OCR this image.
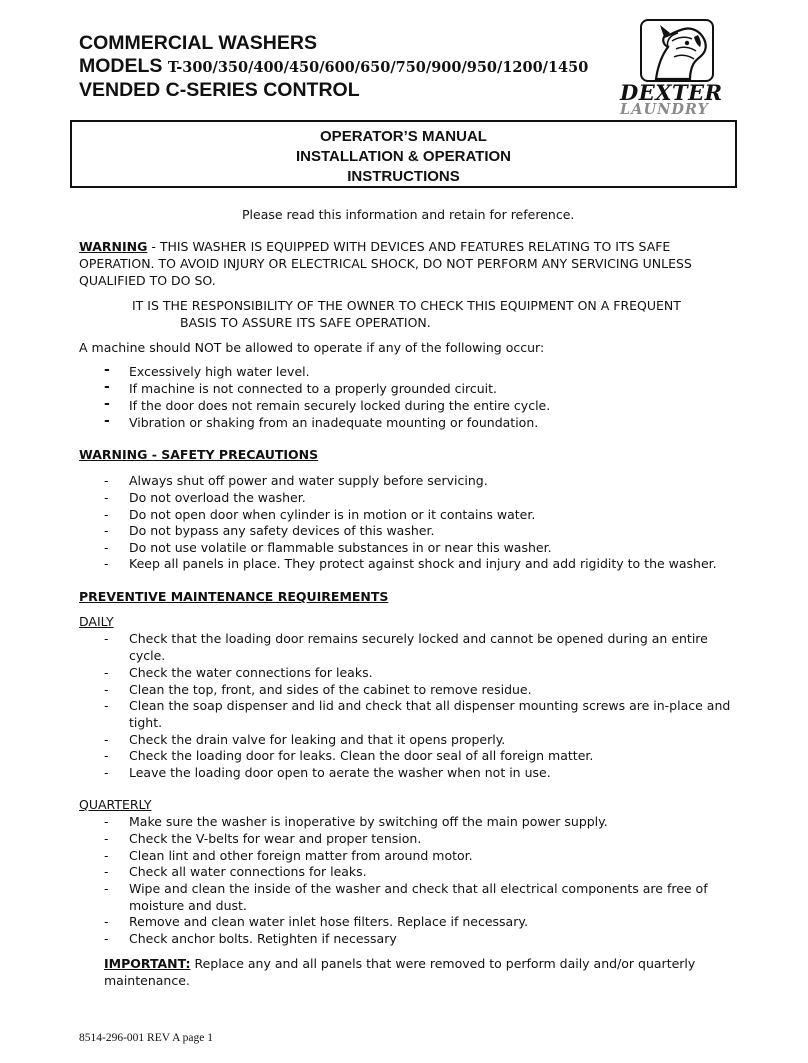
COMMERCIAL WASHERS
MODELS T-300/350/400/450/600/650/750/900/950/1200/1450
VENDED C-SERIES CONTROL	DEXTER
LAUNDRY
OPERATOR’S MANUAL
INSTALLATION & OPERATION
INSTRUCTIONS
Please read this information and retain for reference.
WARNING - THIS WASHER IS EQUIPPED WITH DEVICES AND FEATURES RELATING TO ITS SAFE
OPERATION. TO AVOID INJURY OR ELECTRICAL SHOCK, DO NOT PERFORM ANY SERVICING UNLESS
QUALIFIED TO DO SO.
IT IS THE RESPONSIBILITY OF THE OWNER TO CHECK THIS EQUIPMENT ON A FREQUENT
BASIS TO ASSURE ITS SAFE OPERATION.
A machine should NOT be allowed to operate if any of the following occur:
- Excessively high water level.
- If machine is not connected to a properly grounded circuit.
- If the door does not remain securely locked during the entire cycle.
- Vibration or shaking from an inadequate mounting or foundation.
WARNING - SAFETY PRECAUTIONS
- Always shut off power and water supply before servicing.
- Do not overload the washer.
- Do not open door when cylinder is in motion or it contains water.
- Do not bypass any safety devices of this washer.
- Do not use volatile or flammable substances in or near this washer.
- Keep all panels in place. They protect against shock and injury and add rigidity to the washer.
PREVENTIVE MAINTENANCE REQUIREMENTS
DAILY
- Check that the loading door remains securely locked and cannot be opened during an entire
cycle.
- Check the water connections for leaks.
- Clean the top, front, and sides of the cabinet to remove residue.
- Clean the soap dispenser and lid and check that all dispenser mounting screws are in-place and
tight.
- Check the drain valve for leaking and that it opens properly.
- Check the loading door for leaks. Clean the door seal of all foreign matter.
- Leave the loading door open to aerate the washer when not in use.
QUARTERLY
- Make sure the washer is inoperative by switching off the main power supply.
- Check the V-belts for wear and proper tension.
- Clean lint and other foreign matter from around motor.
- Check all water connections for leaks.
- Wipe and clean the inside of the washer and check that all electrical components are free of
moisture and dust.
- Remove and clean water inlet hose filters. Replace if necessary.
- Check anchor bolts. Retighten if necessary
IMPORTANT: Replace any and all panels that were removed to perform daily and/or quarterly
maintenance.
8514-296-001 REV A page 1
